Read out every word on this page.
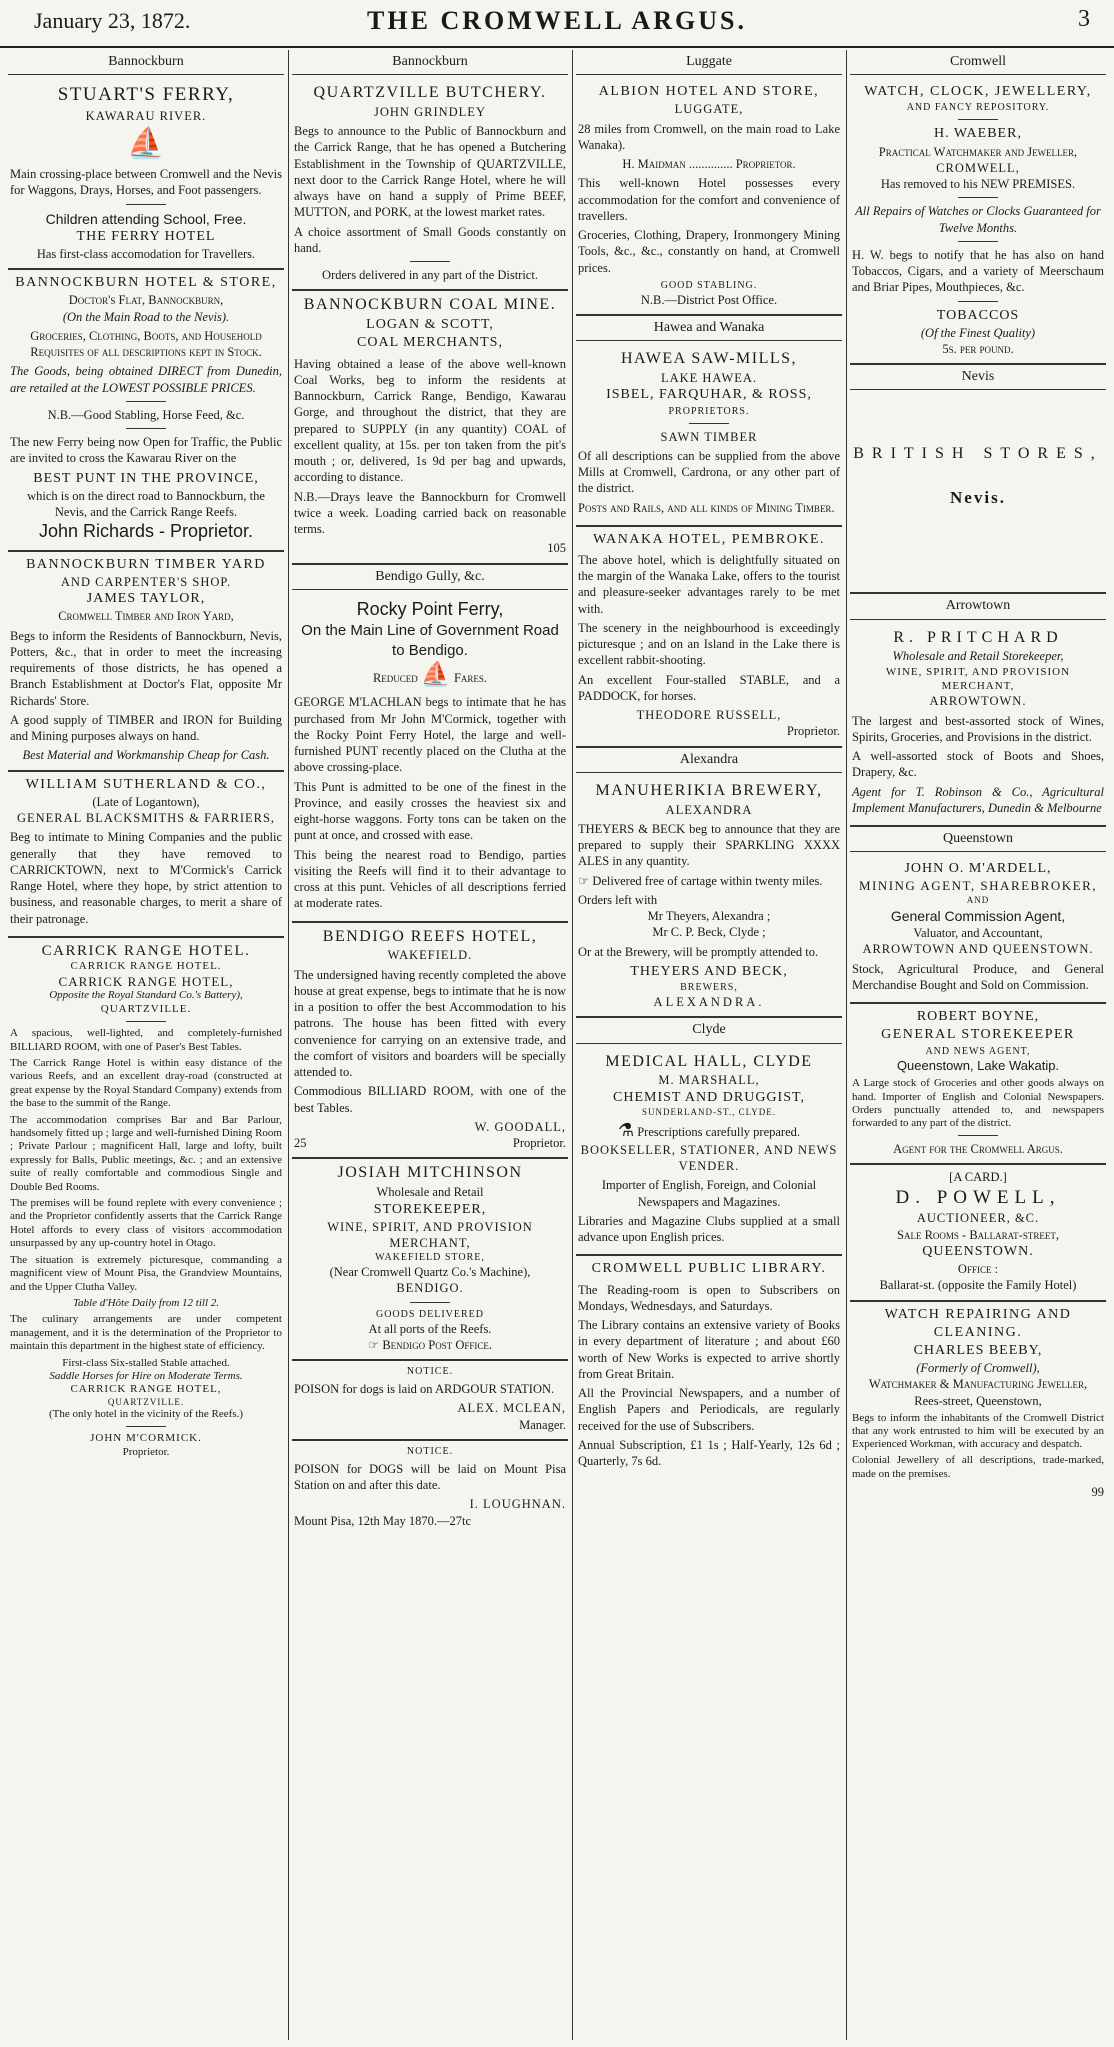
January 23, 1872.	THE CROMWELL ARGUS.	3
Bannockburn
STUART'S FERRY,
KAWARAU RIVER.
⛵

Main crossing-place between Cromwell and the Nevis for Waggons, Drays, Horses, and Foot passengers.

Children attending School, Free.
THE FERRY HOTEL
Has first-class accomodation for Travellers.
BANNOCKBURN HOTEL & STORE,
Doctor's Flat, Bannockburn,
(On the Main Road to the Nevis).

Groceries, Clothing, Boots, and Household Requisites of all descriptions kept in Stock.

The Goods, being obtained DIRECT from Dunedin, are retailed at the LOWEST POSSIBLE PRICES.

N.B.—Good Stabling, Horse Feed, &c.

The new Ferry being now Open for Traffic, the Public are invited to cross the Kawarau River on the

BEST PUNT IN THE PROVINCE,
which is on the direct road to Bannockburn, the Nevis, and the Carrick Range Reefs.
John Richards - Proprietor.
BANNOCKBURN TIMBER YARD
AND CARPENTER'S SHOP.
JAMES TAYLOR,
Cromwell Timber and Iron Yard,

Begs to inform the Residents of Bannockburn, Nevis, Potters, &c., that in order to meet the increasing requirements of those districts, he has opened a Branch Establishment at Doctor's Flat, opposite Mr Richards' Store.

A good supply of TIMBER and IRON for Building and Mining purposes always on hand.

Best Material and Workmanship Cheap for Cash.
WILLIAM SUTHERLAND & CO.,
(Late of Logantown),
GENERAL BLACKSMITHS & FARRIERS,

Beg to intimate to Mining Companies and the public generally that they have removed to CARRICKTOWN, next to M'Cormick's Carrick Range Hotel, where they hope, by strict attention to business, and reasonable charges, to merit a share of their patronage.

CARRICK RANGE HOTEL.
CARRICK RANGE HOTEL.
CARRICK RANGE HOTEL,
Opposite the Royal Standard Co.'s Battery),
QUARTZVILLE.

A spacious, well-lighted, and completely-furnished BILLIARD ROOM, with one of Paser's Best Tables.

The Carrick Range Hotel is within easy distance of the various Reefs, and an excellent dray-road (constructed at great expense by the Royal Standard Company) extends from the base to the summit of the Range.

The accommodation comprises Bar and Bar Parlour, handsomely fitted up ; large and well-furnished Dining Room ; Private Parlour ; magnificent Hall, large and lofty, built expressly for Balls, Public meetings, &c. ; and an extensive suite of really comfortable and commodious Single and Double Bed Rooms.

The premises will be found replete with every convenience ; and the Proprietor confidently asserts that the Carrick Range Hotel affords to every class of visitors accommodation unsurpassed by any up-country hotel in Otago.

The situation is extremely picturesque, commanding a magnificent view of Mount Pisa, the Grandview Mountains, and the Upper Clutha Valley.

Table d'Hôte Daily from 12 till 2.

The culinary arrangements are under competent management, and it is the determination of the Proprietor to maintain this department in the highest state of efficiency.

First-class Six-stalled Stable attached.
Saddle Horses for Hire on Moderate Terms.
CARRICK RANGE HOTEL,
QUARTZVILLE.
(The only hotel in the vicinity of the Reefs.)
JOHN M'CORMICK.
Proprietor.
Bannockburn
QUARTZVILLE BUTCHERY.
JOHN GRINDLEY

Begs to announce to the Public of Bannockburn and the Carrick Range, that he has opened a Butchering Establishment in the Township of QUARTZVILLE, next door to the Carrick Range Hotel, where he will always have on hand a supply of Prime BEEF, MUTTON, and PORK, at the lowest market rates.

A choice assortment of Small Goods constantly on hand.

Orders delivered in any part of the District.
BANNOCKBURN COAL MINE.
LOGAN & SCOTT,
COAL MERCHANTS,

Having obtained a lease of the above well-known Coal Works, beg to inform the residents at Bannockburn, Carrick Range, Bendigo, Kawarau Gorge, and throughout the district, that they are prepared to SUPPLY (in any quantity) COAL of excellent quality, at 15s. per ton taken from the pit's mouth ; or, delivered, 1s 9d per bag and upwards, according to distance.

N.B.—Drays leave the Bannockburn for Cromwell twice a week. Loading carried back on reasonable terms.

105
Bendigo Gully, &c.
Rocky Point Ferry,
On the Main Line of Government Road to Bendigo.
Reduced ⛵ Fares.

GEORGE M'LACHLAN begs to intimate that he has purchased from Mr John M'Cormick, together with the Rocky Point Ferry Hotel, the large and well-furnished PUNT recently placed on the Clutha at the above crossing-place.

This Punt is admitted to be one of the finest in the Province, and easily crosses the heaviest six and eight-horse waggons. Forty tons can be taken on the punt at once, and crossed with ease.

This being the nearest road to Bendigo, parties visiting the Reefs will find it to their advantage to cross at this punt. Vehicles of all descriptions ferried at moderate rates.

BENDIGO REEFS HOTEL,
WAKEFIELD.

The undersigned having recently completed the above house at great expense, begs to intimate that he is now in a position to offer the best Accommodation to his patrons. The house has been fitted with every convenience for carrying on an extensive trade, and the comfort of visitors and boarders will be specially attended to.

Commodious BILLIARD ROOM, with one of the best Tables.

W. GOODALL,
25	Proprietor.
JOSIAH MITCHINSON
Wholesale and Retail
STOREKEEPER,
WINE, SPIRIT, AND PROVISION MERCHANT,
WAKEFIELD STORE,
(Near Cromwell Quartz Co.'s Machine),
BENDIGO.
GOODS DELIVERED
At all ports of the Reefs.
☞ Bendigo Post Office.
NOTICE.

POISON for dogs is laid on ARDGOUR STATION.

ALEX. MCLEAN,
Manager.
NOTICE.

POISON for DOGS will be laid on Mount Pisa Station on and after this date.

I. LOUGHNAN.
Mount Pisa, 12th May 1870.—27tc
Luggate
ALBION HOTEL AND STORE,
LUGGATE,

28 miles from Cromwell, on the main road to Lake Wanaka).

H. Maidman .............. Proprietor.

This well-known Hotel possesses every accommodation for the comfort and convenience of travellers.

Groceries, Clothing, Drapery, Ironmongery Mining Tools, &c., &c., constantly on hand, at Cromwell prices.

GOOD STABLING.
N.B.—District Post Office.
Hawea and Wanaka
HAWEA SAW-MILLS,
LAKE HAWEA.
ISBEL, FARQUHAR, & ROSS,
PROPRIETORS.
SAWN TIMBER

Of all descriptions can be supplied from the above Mills at Cromwell, Cardrona, or any other part of the district.

Posts and Rails, and all kinds of Mining Timber.

WANAKA HOTEL, PEMBROKE.

The above hotel, which is delightfully situated on the margin of the Wanaka Lake, offers to the tourist and pleasure-seeker advantages rarely to be met with.

The scenery in the neighbourhood is exceedingly picturesque ; and on an Island in the Lake there is excellent rabbit-shooting.

An excellent Four-stalled STABLE, and a PADDOCK, for horses.

THEODORE RUSSELL,
Proprietor.
Alexandra
MANUHERIKIA BREWERY,
ALEXANDRA

THEYERS & BECK beg to announce that they are prepared to supply their SPARKLING XXXX ALES in any quantity.

☞ Delivered free of cartage within twenty miles.

Orders left with
Mr Theyers, Alexandra ;
Mr C. P. Beck, Clyde ;

Or at the Brewery, will be promptly attended to.

THEYERS AND BECK,
BREWERS,
ALEXANDRA.
Clyde
MEDICAL HALL, CLYDE
M. MARSHALL,
CHEMIST AND DRUGGIST,
SUNDERLAND-ST., CLYDE.
⚗ Prescriptions carefully prepared.
BOOKSELLER, STATIONER, AND NEWS VENDER.

Importer of English, Foreign, and Colonial Newspapers and Magazines.

Libraries and Magazine Clubs supplied at a small advance upon English prices.

CROMWELL PUBLIC LIBRARY.

The Reading-room is open to Subscribers on Mondays, Wednesdays, and Saturdays.

The Library contains an extensive variety of Books in every department of literature ; and about £60 worth of New Works is expected to arrive shortly from Great Britain.

All the Provincial Newspapers, and a number of English Papers and Periodicals, are regularly received for the use of Subscribers.

Annual Subscription, £1 1s ; Half-Yearly, 12s 6d ; Quarterly, 7s 6d.

Cromwell
WATCH, CLOCK, JEWELLERY,
AND FANCY REPOSITORY.
H. WAEBER,
Practical Watchmaker and Jeweller,
CROMWELL,
Has removed to his NEW PREMISES.

All Repairs of Watches or Clocks Guaranteed for Twelve Months.

H. W. begs to notify that he has also on hand Tobaccos, Cigars, and a variety of Meerschaum and Briar Pipes, Mouthpieces, &c.

TOBACCOS
(Of the Finest Quality)
5s. per pound.
Nevis
BRITISH STORES,
Nevis.
Arrowtown
R. PRITCHARD
Wholesale and Retail Storekeeper,
WINE, SPIRIT, AND PROVISION MERCHANT,
ARROWTOWN.

The largest and best-assorted stock of Wines, Spirits, Groceries, and Provisions in the district.

A well-assorted stock of Boots and Shoes, Drapery, &c.

Agent for T. Robinson & Co., Agricultural Implement Manufacturers, Dunedin & Melbourne

Queenstown
JOHN O. M'ARDELL,
MINING AGENT, SHAREBROKER,
AND
General Commission Agent,
Valuator, and Accountant,
ARROWTOWN AND QUEENSTOWN.

Stock, Agricultural Produce, and General Merchandise Bought and Sold on Commission.

ROBERT BOYNE,
GENERAL STOREKEEPER
AND NEWS AGENT,
Queenstown, Lake Wakatip.

A Large stock of Groceries and other goods always on hand. Importer of English and Colonial Newspapers. Orders punctually attended to, and newspapers forwarded to any part of the district.

Agent for the Cromwell Argus.
[A CARD.]
D. POWELL,
AUCTIONEER, &C.
Sale Rooms - Ballarat-street,
QUEENSTOWN.
Office :
Ballarat-st. (opposite the Family Hotel)
WATCH REPAIRING AND CLEANING.
CHARLES BEEBY,
(Formerly of Cromwell),
Watchmaker & Manufacturing Jeweller,
Rees-street, Queenstown,

Begs to inform the inhabitants of the Cromwell District that any work entrusted to him will be executed by an Experienced Workman, with accuracy and despatch.

Colonial Jewellery of all descriptions, trade-marked, made on the premises.

99
